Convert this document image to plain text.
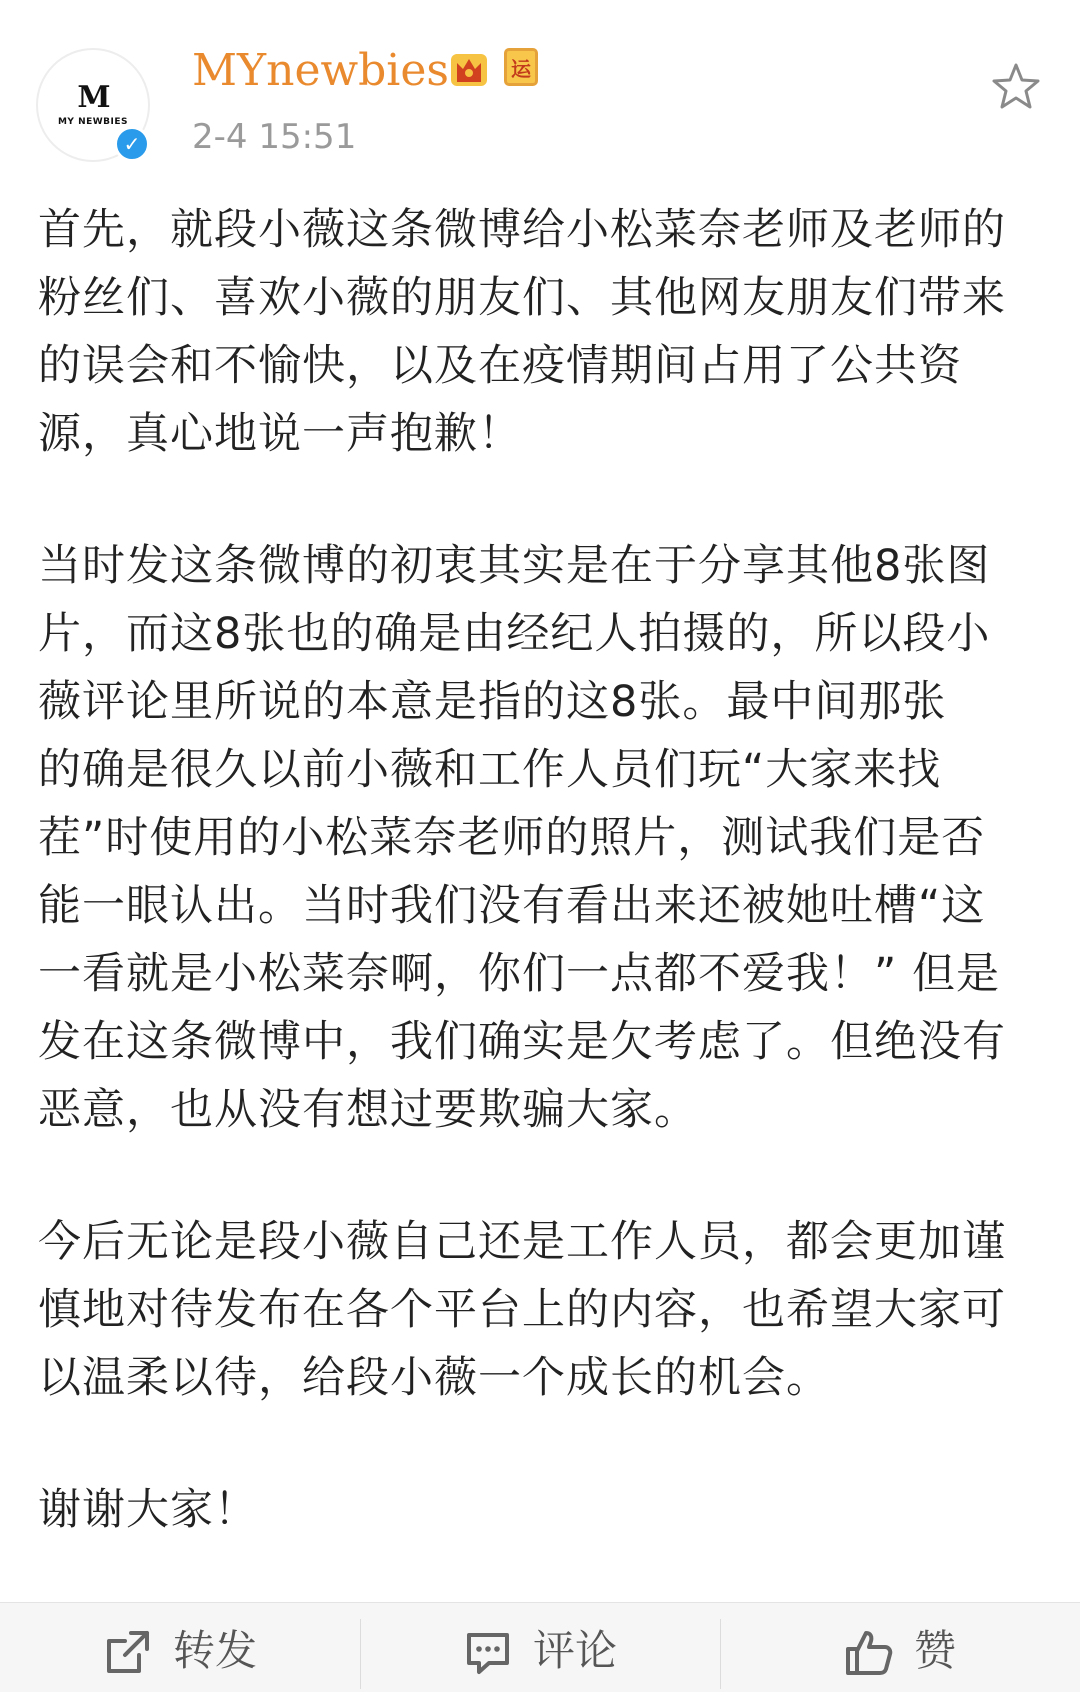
M
MY NEWBIES
✓
MYnewbies	运
2-4 15:51
首先，就段小薇这条微博给小松菜奈老师及老师的
粉丝们、喜欢小薇的朋友们、其他网友朋友们带来
的误会和不愉快，以及在疫情期间占用了公共资
源，真心地说一声抱歉！
当时发这条微博的初衷其实是在于分享其他8张图
片，而这8张也的确是由经纪人拍摄的，所以段小
薇评论里所说的本意是指的这8张。最中间那张
的确是很久以前小薇和工作人员们玩“大家来找
茬”时使用的小松菜奈老师的照片，测试我们是否
能一眼认出。当时我们没有看出来还被她吐槽“这
一看就是小松菜奈啊，你们一点都不爱我！” 但是
发在这条微博中，我们确实是欠考虑了。但绝没有
恶意，也从没有想过要欺骗大家。
今后无论是段小薇自己还是工作人员，都会更加谨
慎地对待发布在各个平台上的内容，也希望大家可
以温柔以待，给段小薇一个成长的机会。
谢谢大家！
转发	评论	赞
